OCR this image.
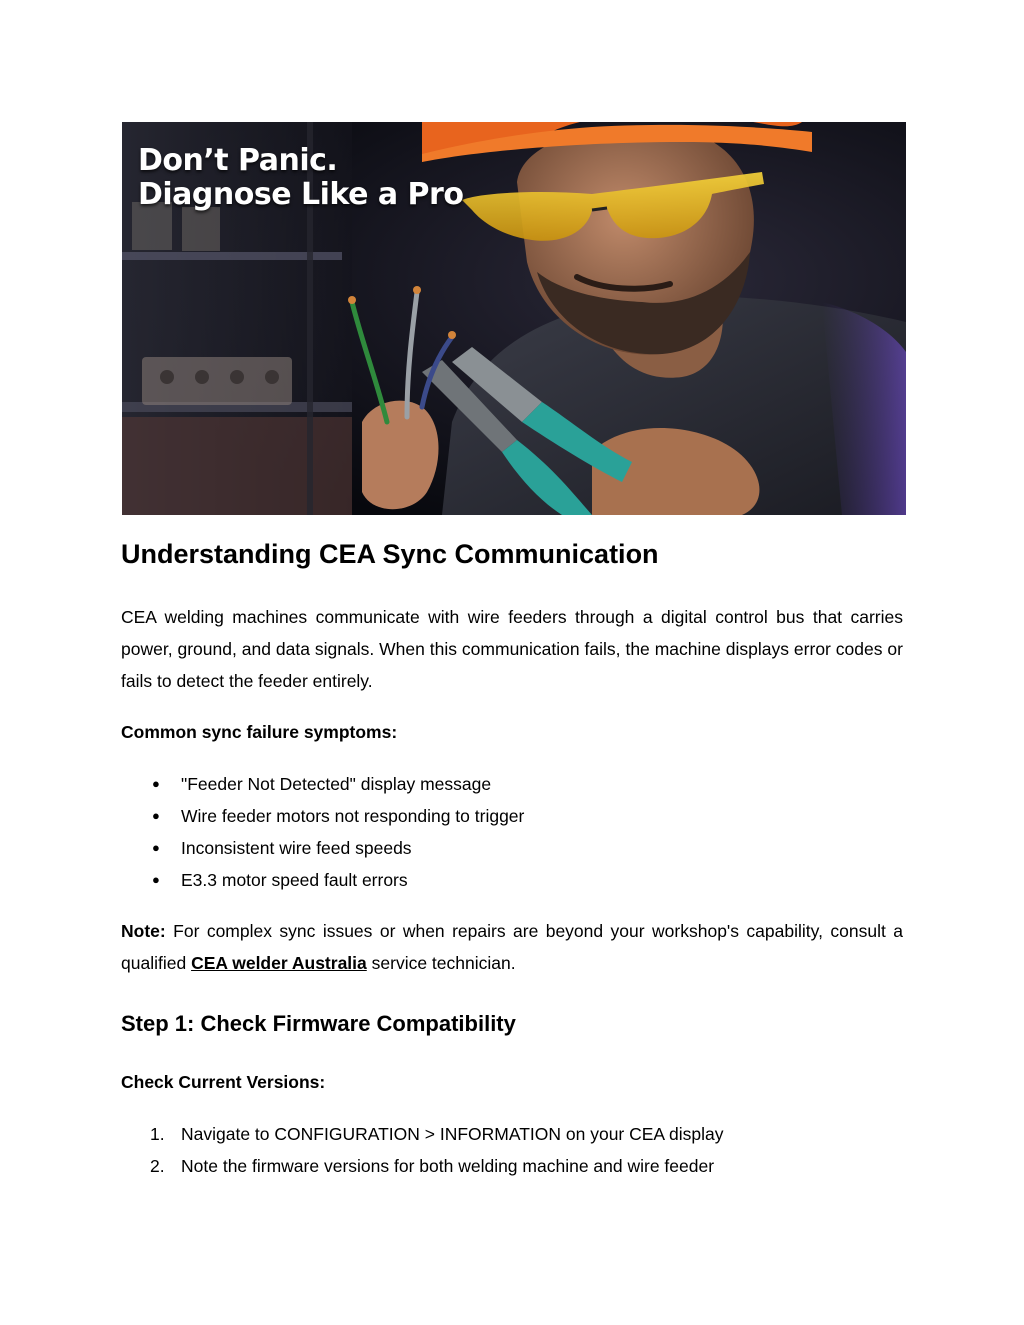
Don’t Panic.
Diagnose Like a Pro
Understanding CEA Sync Communication

CEA welding machines communicate with wire feeders through a digital control bus that carries power, ground, and data signals. When this communication fails, the machine displays error codes or fails to detect the feeder entirely.

Common sync failure symptoms:

● "Feeder Not Detected" display message
● Wire feeder motors not responding to trigger
● Inconsistent wire feed speeds
● E3.3 motor speed fault errors

Note: For complex sync issues or when repairs are beyond your workshop's capability, consult a qualified CEA welder Australia service technician.

Step 1: Check Firmware Compatibility

Check Current Versions:

1. Navigate to CONFIGURATION > INFORMATION on your CEA display
2. Note the firmware versions for both welding machine and wire feeder
